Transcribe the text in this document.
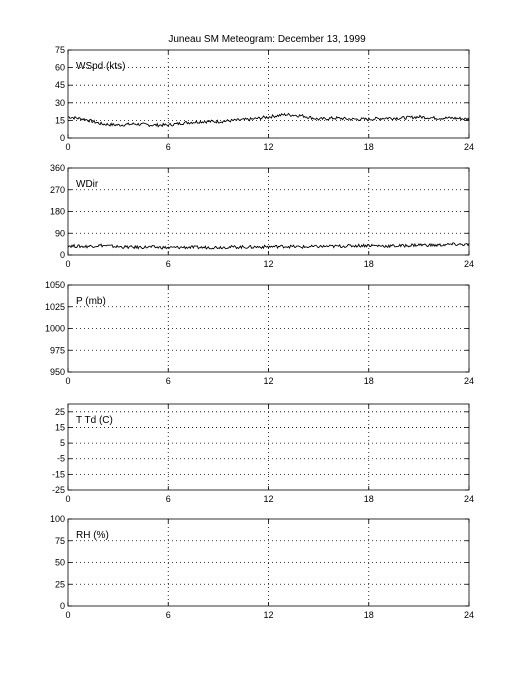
Juneau SM Meteogram: December 13, 1999
0	6	12	18	24
0
15
30
45
60
75
WSpd (kts)
0	6	12	18	24
0
90
180
270
360
WDir
0	6	12	18	24
950
975
1000
1025
1050
P (mb)
0	6	12	18	24
-25
-15
-5
5
15
25
T Td (C)
0	6	12	18	24
0
25
50
75
100
RH (%)
